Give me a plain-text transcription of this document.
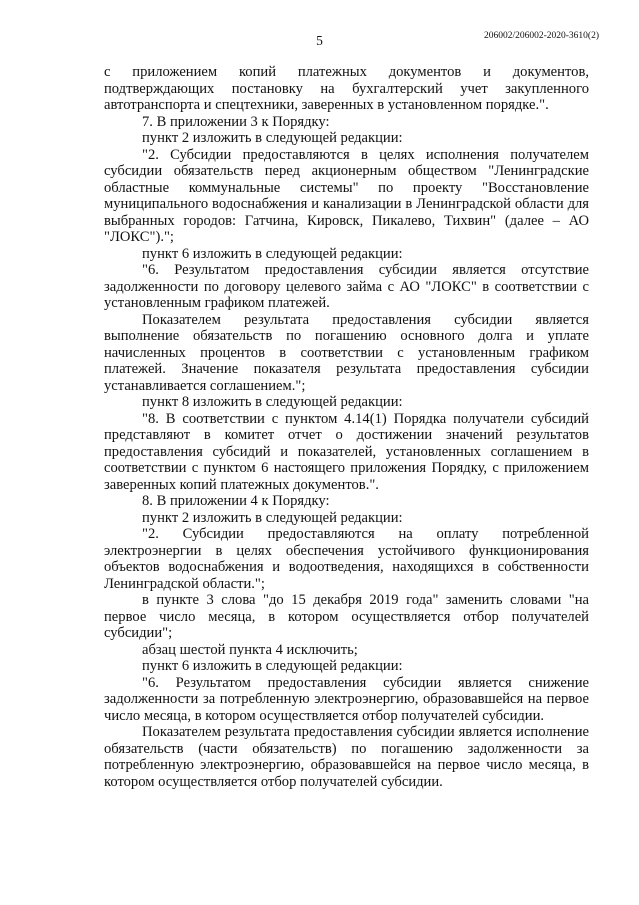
5	206002/206002-2020-3610(2)

с приложением копий платежных документов и документов, подтверждающих постановку на бухгалтерский учет закупленного автотранспорта и спецтехники, заверенных в установленном порядке.".

7. В приложении 3 к Порядку:

пункт 2 изложить в следующей редакции:

"2. Субсидии предоставляются в целях исполнения получателем субсидии обязательств перед акционерным обществом "Ленинградские областные коммунальные системы" по проекту "Восстановление муниципального водоснабжения и канализации в Ленинградской области для выбранных городов: Гатчина, Кировск, Пикалево, Тихвин" (далее – АО "ЛОКС").";

пункт 6 изложить в следующей редакции:

"6. Результатом предоставления субсидии является отсутствие задолженности по договору целевого займа с АО "ЛОКС" в соответствии с установленным графиком платежей.

Показателем результата предоставления субсидии является выполнение обязательств по погашению основного долга и уплате начисленных процентов в соответствии с установленным графиком платежей. Значение показателя результата предоставления субсидии устанавливается соглашением.";

пункт 8 изложить в следующей редакции:

"8. В соответствии с пунктом 4.14(1) Порядка получатели субсидий представляют в комитет отчет о достижении значений результатов предоставления субсидий и показателей, установленных соглашением в соответствии с пунктом 6 настоящего приложения Порядку, с приложением заверенных копий платежных документов.".

8. В приложении 4 к Порядку:

пункт 2 изложить в следующей редакции:

"2. Субсидии предоставляются на оплату потребленной электроэнергии в целях обеспечения устойчивого функционирования объектов водоснабжения и водоотведения, находящихся в собственности Ленинградской области.";

в пункте 3 слова "до 15 декабря 2019 года" заменить словами "на первое число месяца, в котором осуществляется отбор получателей субсидии";

абзац шестой пункта 4 исключить;

пункт 6 изложить в следующей редакции:

"6. Результатом предоставления субсидии является снижение задолженности за потребленную электроэнергию, образовавшейся на первое число месяца, в котором осуществляется отбор получателей субсидии.

Показателем результата предоставления субсидии является исполнение обязательств (части обязательств) по погашению задолженности за потребленную электроэнергию, образовавшейся на первое число месяца, в котором осуществляется отбор получателей субсидии.
